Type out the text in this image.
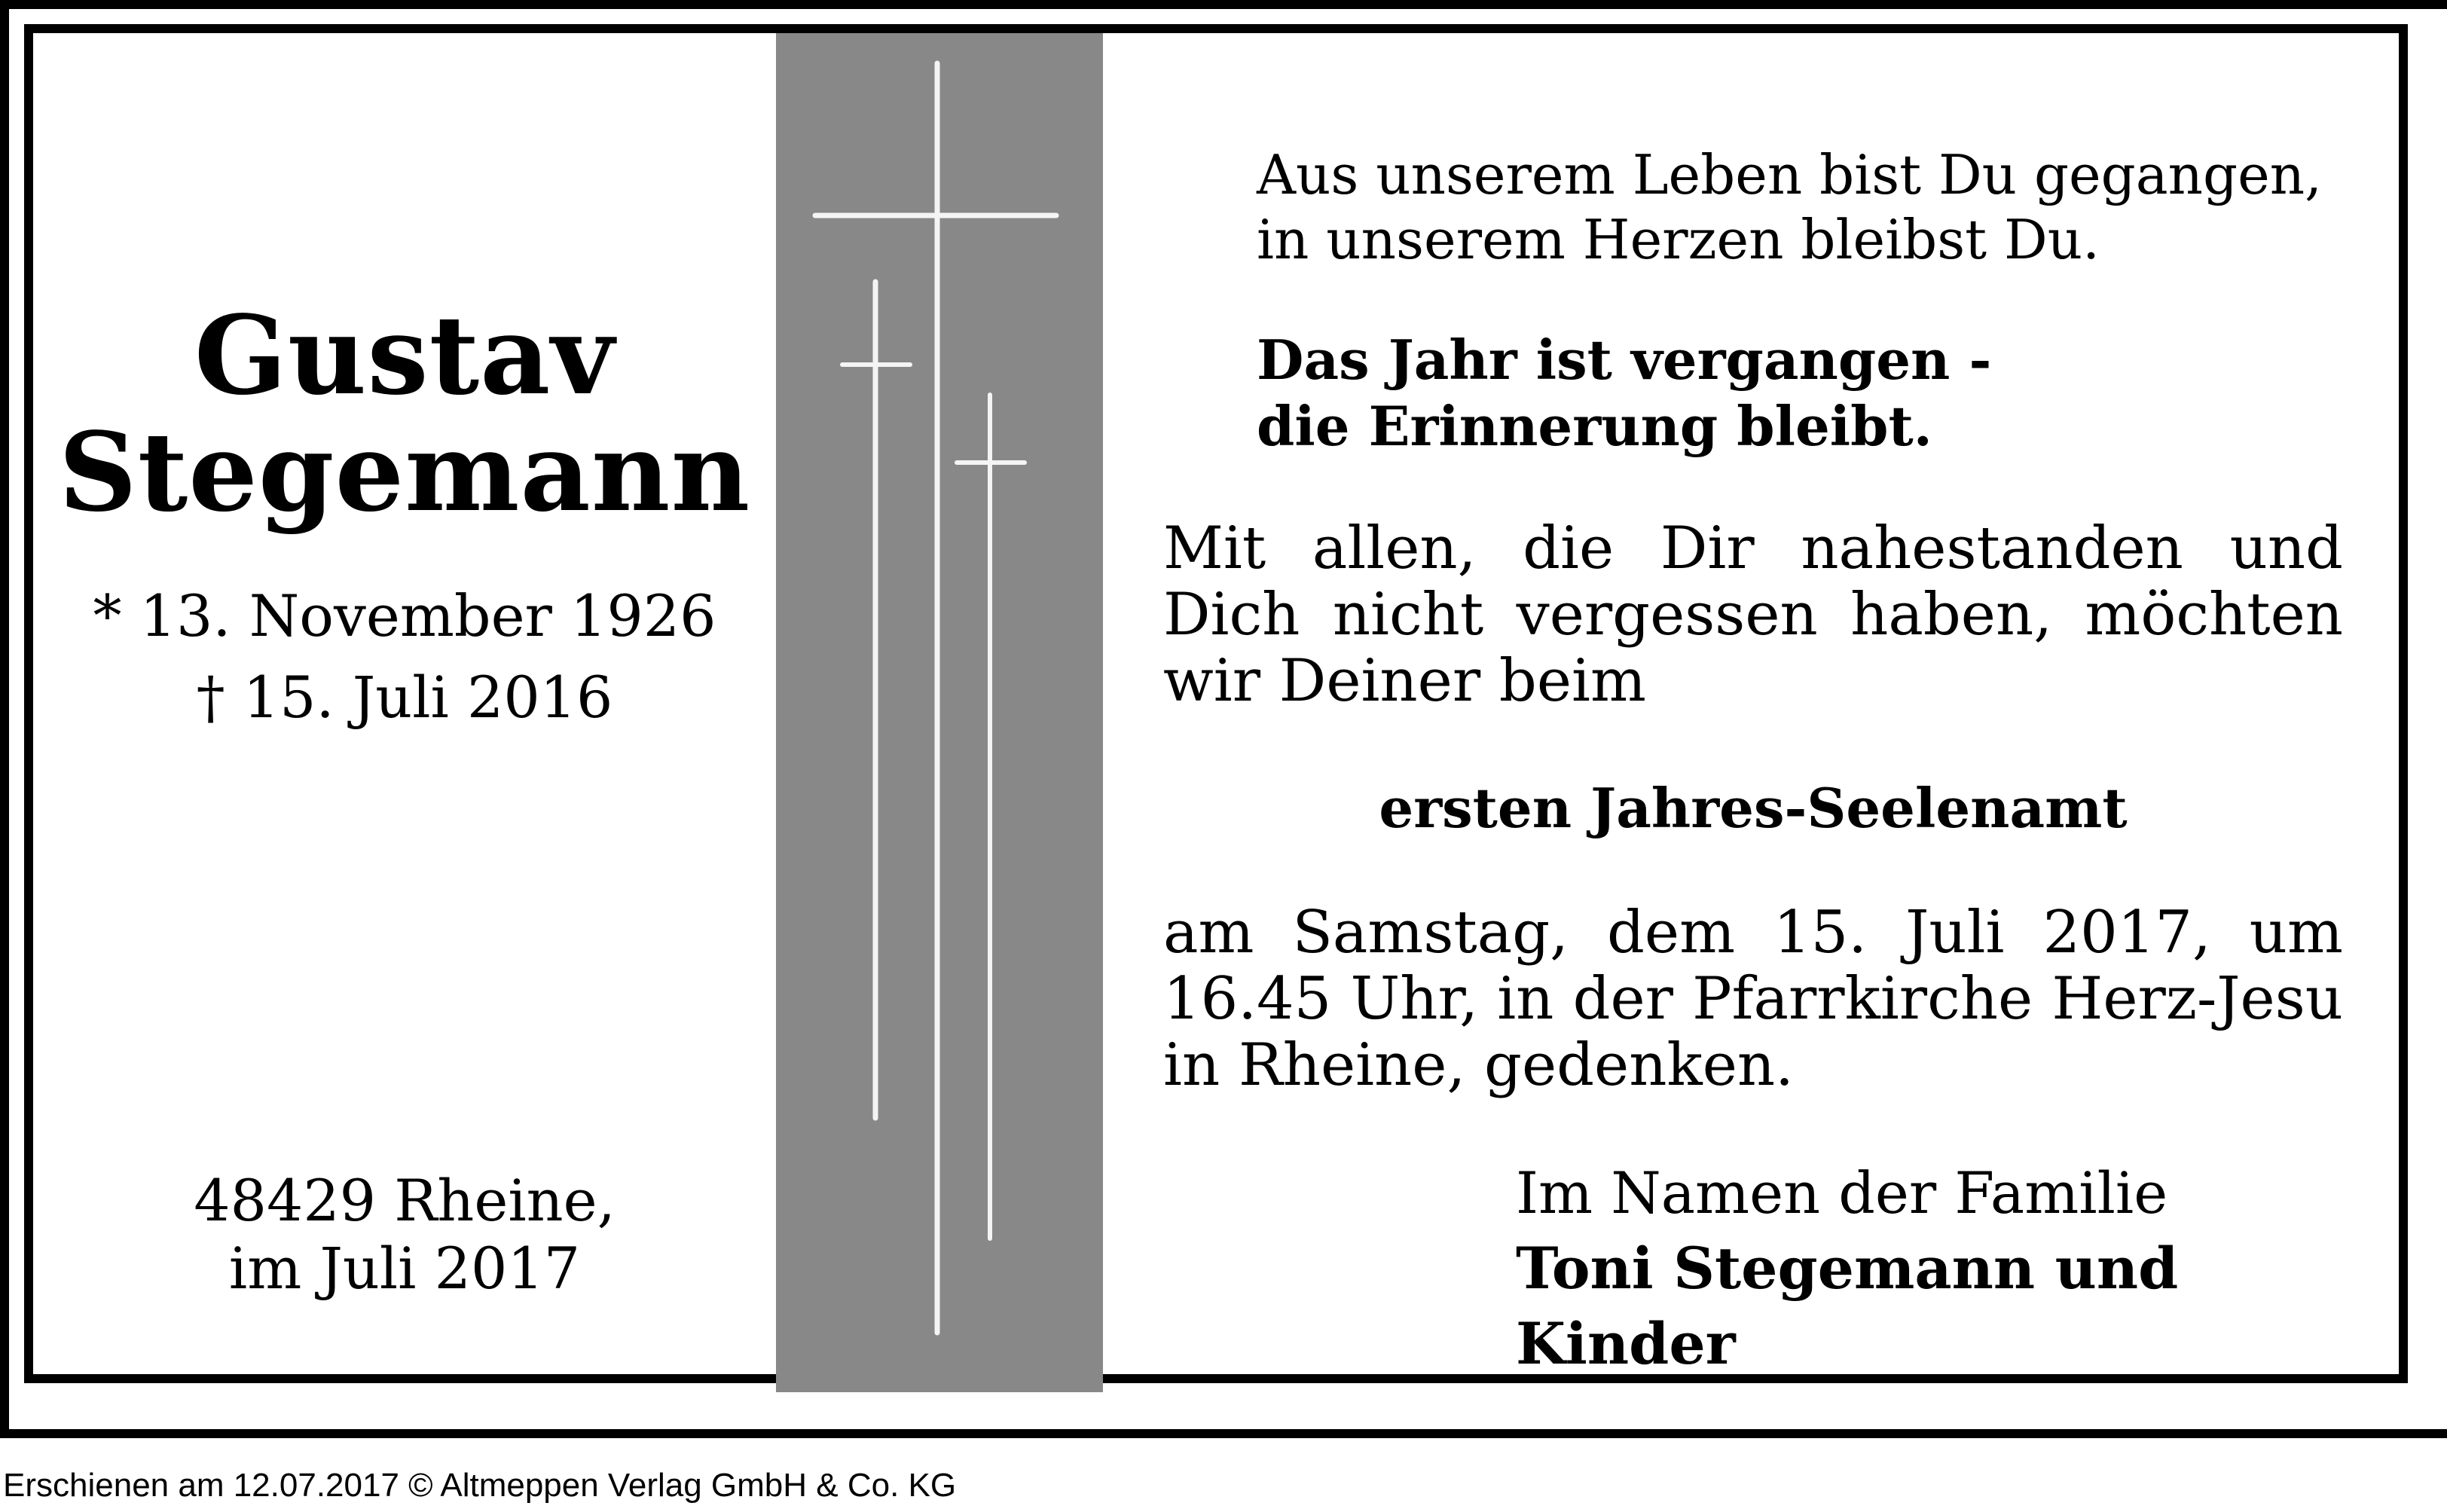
Gustav
Stegemann
* 13. November 1926
† 15. Juli 2016
48429 Rheine,
im Juli 2017
Aus unserem Leben bist Du gegangen,
in unserem Herzen bleibst Du.
Das Jahr ist vergangen -
die Erinnerung bleibt.
Mit allen, die Dir nahestanden und Dich nicht vergessen haben, möchten wir Deiner beim
ersten Jahres-Seelenamt
am Samstag, dem 15. Juli 2017, um 16.45 Uhr, in der Pfarrkirche Herz-Jesu in Rheine, gedenken.
Im Namen der Familie
Toni Stegemann und Kinder
Erschienen am 12.07.2017 © Altmeppen Verlag GmbH & Co. KG
